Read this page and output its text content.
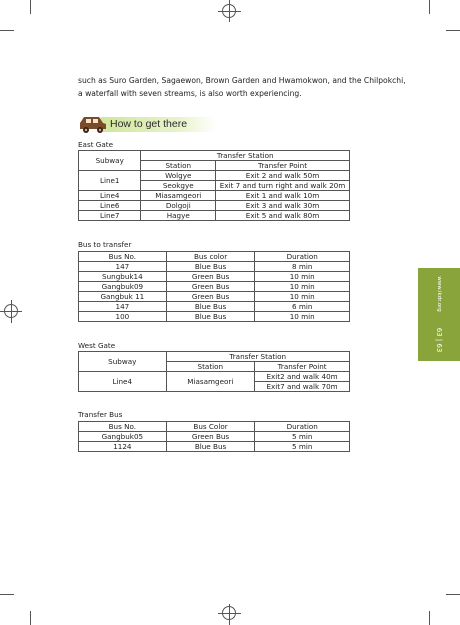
such as Suro Garden, Sagaewon, Brown Garden and Hwamokwon, and the Chilpokchi,

a waterfall with seven streams, is also worth experiencing.

How to get there
East Gate
Subway	Transfer Station	
	Station	Transfer Point
Line1	Wolgye	Exit 2 and walk 50m
	Seokgye	Exit 7 and turn right and walk 20m
Line4	Miasamgeori	Exit 1 and walk 10m
Line6	Dolgoji	Exit 3 and walk 30m
Line7	Hagye	Exit 5 and walk 80m
Bus to transfer
Bus No.	Bus color	Duration
147	Blue Bus	8 min
Sungbuk14	Green Bus	10 min
Gangbuk09	Green Bus	10 min
Gangbuk 11	Green Bus	10 min
147	Blue Bus	6 min
100	Blue Bus	10 min
West Gate
Subway	Transfer Station	
	Station	Transfer Point
Line4	Miasamgeori	Exit2 and walk 40m
		Exit7 and walk 70m
Transfer Bus
Bus No.	Bus Color	Duration
Gangbuk05	Green Bus	5 min
1124	Blue Bus	5 min
www.ikdr.org
63 | 63
